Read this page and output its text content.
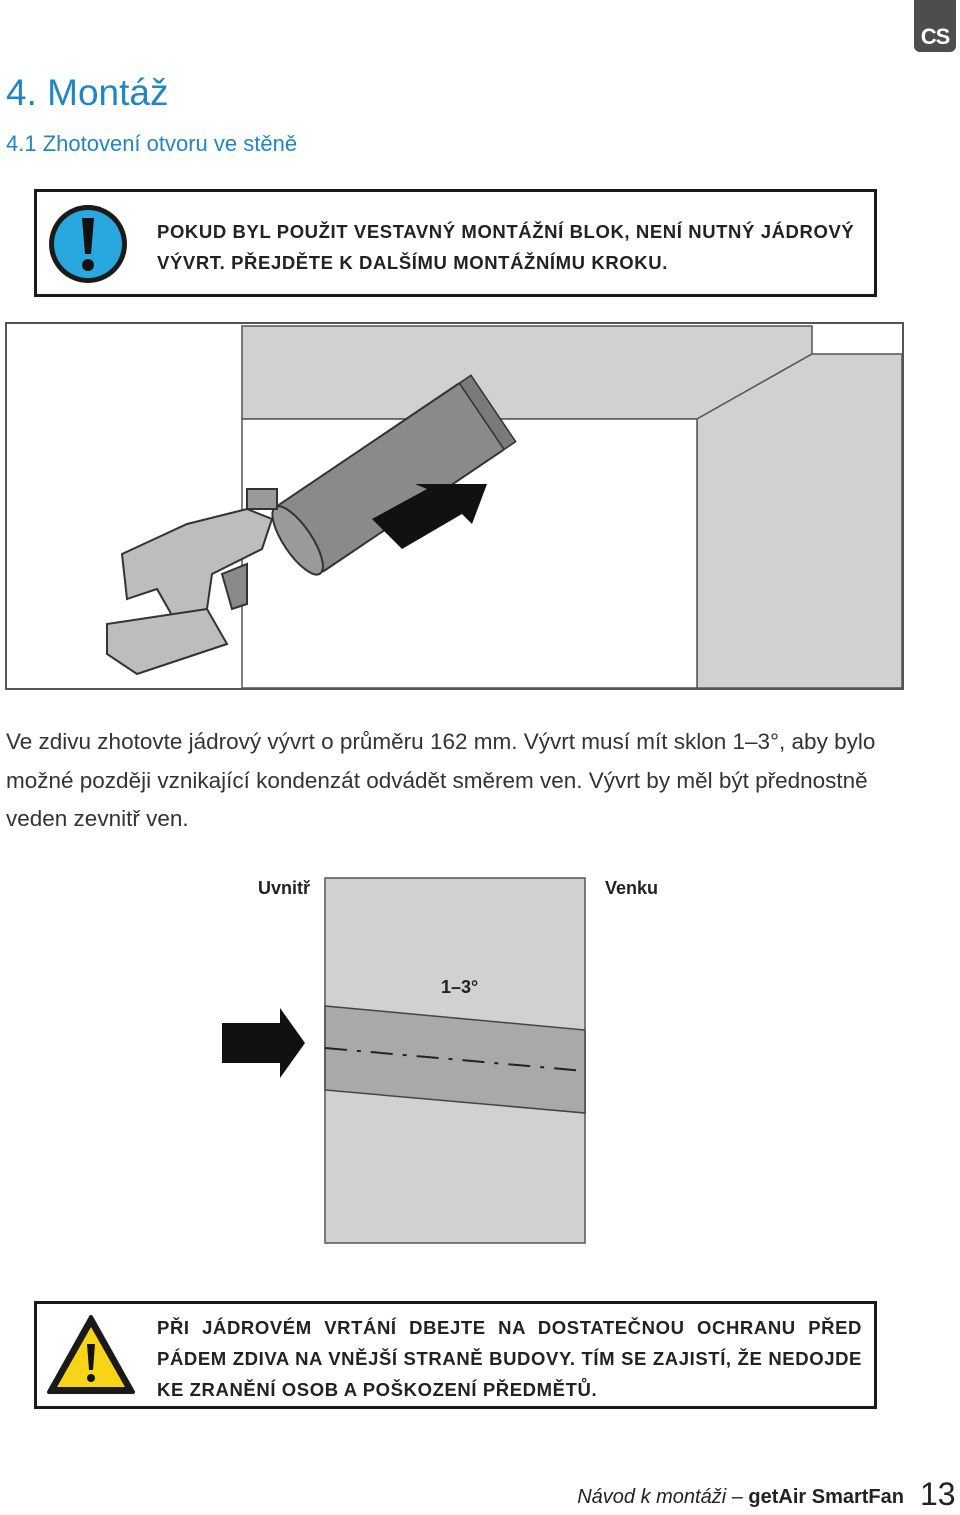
CS
4. Montáž
4.1 Zhotovení otvoru ve stěně
POKUD BYL POUŽIT VESTAVNÝ MONTÁŽNÍ BLOK, NENÍ NUTNÝ JÁDROVÝ VÝVRT. PŘEJDĚTE K DALŠÍMU MONTÁŽNÍMU KROKU.
Ve zdivu zhotovte jádrový vývrt o průměru 162 mm. Vývrt musí mít sklon 1–3°, aby bylo možné později vznikající kondenzát odvádět směrem ven. Vývrt by měl být přednostně veden zevnitř ven.
Uvnitř	Venku
1–3°
PŘI JÁDROVÉM VRTÁNÍ DBEJTE NA DOSTATEČNOU OCHRANU PŘED PÁDEM ZDIVA NA VNĚJŠÍ STRANĚ BUDOVY. TÍM SE ZAJISTÍ, ŽE NEDOJDE KE ZRANĚNÍ OSOB A POŠKOZENÍ PŘEDMĚTŮ.
Návod k montáži – getAir SmartFan 13
